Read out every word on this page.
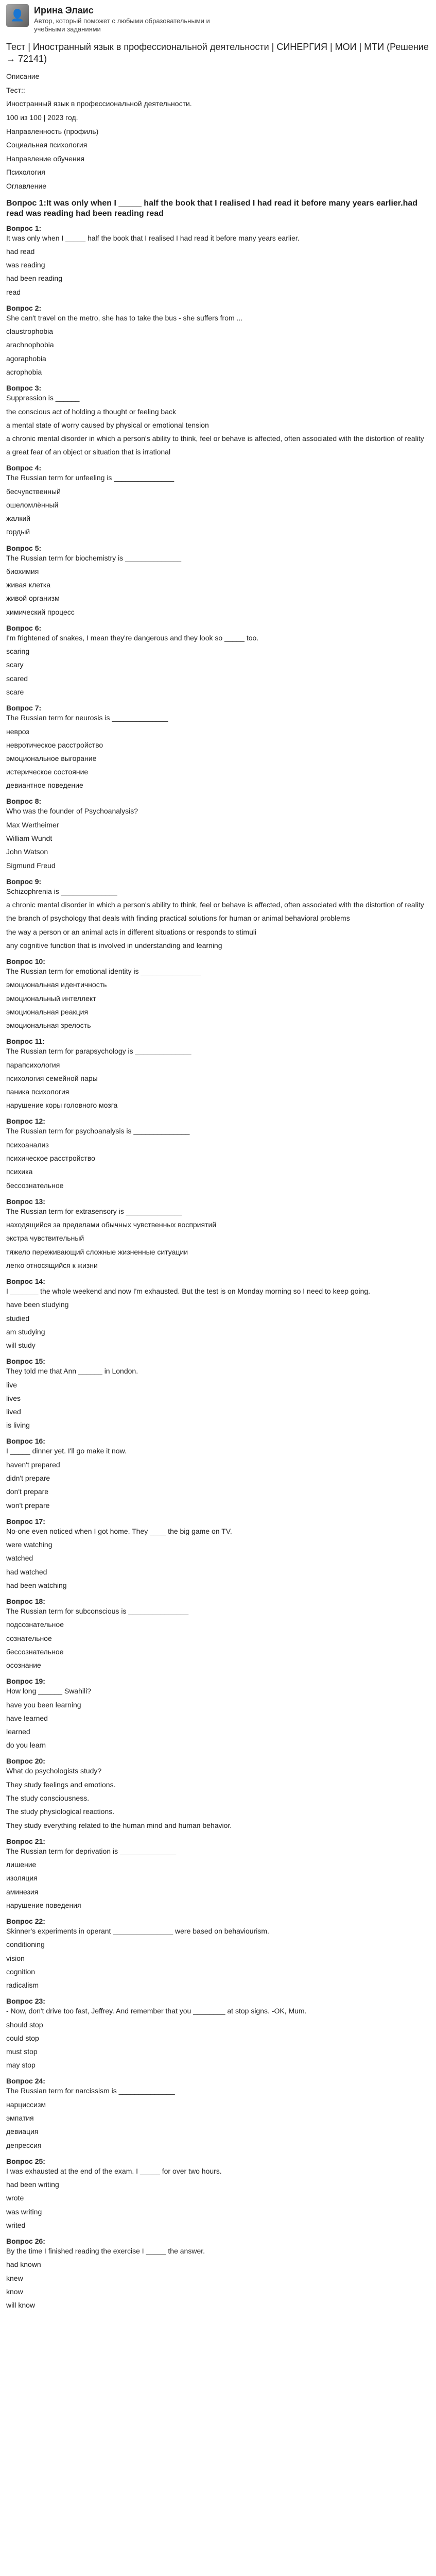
👤 Ирина Элаис
Автор, который поможет с любыми образовательными и учебными заданиями
Тест | Иностранный язык в профессиональной деятельности | СИНЕРГИЯ | МОИ | МТИ (Решение → 72141)
Описание
Тест::
Иностранный язык в профессиональной деятельности.
100 из 100 | 2023 год.
Направленность (профиль)
Социальная психология
Направление обучения
Психология
Оглавление
Вопрос 1:It was only when I _____ half the book that I realised I had read it before many years earlier.had read was reading had been reading read
Вопрос 1:
It was only when I _____ half the book that I realised I had read it before many years earlier.
had read
was reading
had been reading
read
Вопрос 2:
She can't travel on the metro, she has to take the bus - she suffers from ...
claustrophobia
arachnophobia
agoraphobia
acrophobia
Вопрос 3:
Suppression is ______
the conscious act of holding a thought or feeling back
a mental state of worry caused by physical or emotional tension
a chronic mental disorder in which a person's ability to think, feel or behave is affected, often associated with the distortion of reality
a great fear of an object or situation that is irrational
Вопрос 4:
The Russian term for unfeeling is _______________
бесчувственный
ошеломлённый
жалкий
гордый
Вопрос 5:
The Russian term for biochemistry is ______________
биохимия
живая клетка
живой организм
химический процесс
Вопрос 6:
I'm frightened of snakes, I mean they're dangerous and they look so _____ too.
scaring
scary
scared
scare
Вопрос 7:
The Russian term for neurosis is ______________
невроз
невротическое расстройство
эмоциональное выгорание
истерическое состояние
девиантное поведение
Вопрос 8:
Who was the founder of Psychoanalysis?
Max Wertheimer
William Wundt
John Watson
Sigmund Freud
Вопрос 9:
Schizophrenia is ______________
a chronic mental disorder in which a person's ability to think, feel or behave is affected, often associated with the distortion of reality
the branch of psychology that deals with finding practical solutions for human or animal behavioral problems
the way a person or an animal acts in different situations or responds to stimuli
any cognitive function that is involved in understanding and learning
Вопрос 10:
The Russian term for emotional identity is _______________
эмоциональная идентичность
эмоциональный интеллект
эмоциональная реакция
эмоциональная зрелость
Вопрос 11:
The Russian term for parapsychology is ______________
парапсихология
психология семейной пары
паника психология
нарушение коры головного мозга
Вопрос 12:
The Russian term for psychoanalysis is ______________
психоанализ
психическое расстройство
психика
бессознательное
Вопрос 13:
The Russian term for extrasensory is ______________
находящийся за пределами обычных чувственных восприятий
экстра чувствительный
тяжело переживающий сложные жизненные ситуации
легко относящийся к жизни
Вопрос 14:
I _______ the whole weekend and now I'm exhausted. But the test is on Monday morning so I need to keep going.
have been studying
studied
am studying
will study
Вопрос 15:
They told me that Ann ______ in London.
live
lives
lived
is living
Вопрос 16:
I _____ dinner yet. I'll go make it now.
haven't prepared
didn't prepare
don't prepare
won't prepare
Вопрос 17:
No-one even noticed when I got home. They ____ the big game on TV.
were watching
watched
had watched
had been watching
Вопрос 18:
The Russian term for subconscious is _______________
подсознательное
сознательное
бессознательное
осознание
Вопрос 19:
How long ______ Swahili?
have you been learning
have learned
learned
do you learn
Вопрос 20:
What do psychologists study?
They study feelings and emotions.
The study consciousness.
The study physiological reactions.
They study everything related to the human mind and human behavior.
Вопрос 21:
The Russian term for deprivation is ______________
лишение
изоляция
аминезия
нарушение поведения
Вопрос 22:
Skinner's experiments in operant _______________ were based on behaviourism.
conditioning
vision
cognition
radicalism
Вопрос 23:
- Now, don't drive too fast, Jeffrey. And remember that you ________ at stop signs. -OK, Mum.
should stop
could stop
must stop
may stop
Вопрос 24:
The Russian term for narcissism is ______________
нарциссизм
эмпатия
девиация
депрессия
Вопрос 25:
I was exhausted at the end of the exam. I _____ for over two hours.
had been writing
wrote
was writing
writed
Вопрос 26:
By the time I finished reading the exercise I _____ the answer.
had known
knew
know
will know
